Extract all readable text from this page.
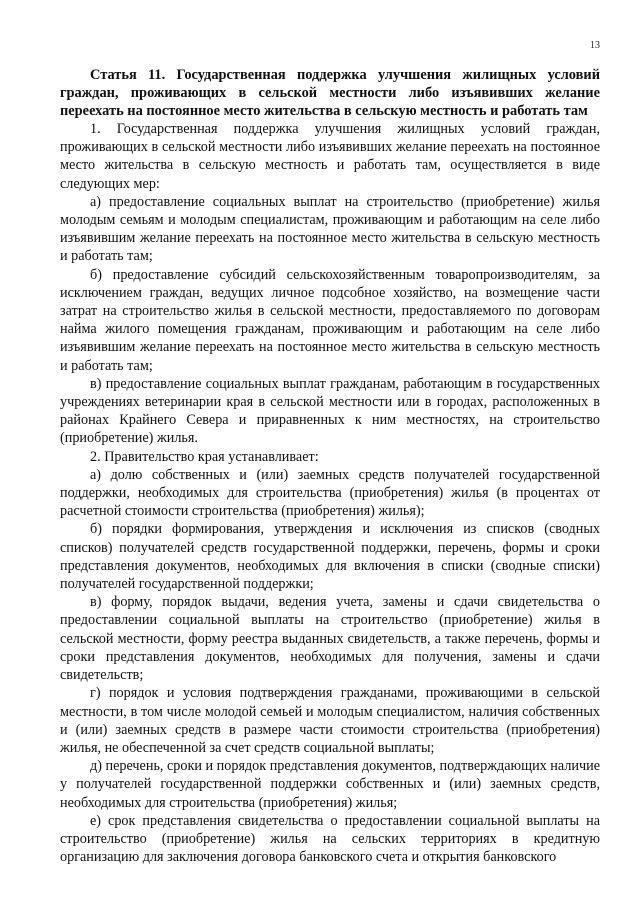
13

Статья 11. Государственная поддержка улучшения жилищных условий граждан, проживающих в сельской местности либо изъявивших желание переехать на постоянное место жительства в сельскую местность и работать там

1. Государственная поддержка улучшения жилищных условий граждан, проживающих в сельской местности либо изъявивших желание переехать на постоянное место жительства в сельскую местность и работать там, осуществляется в виде следующих мер:

а) предоставление социальных выплат на строительство (приобретение) жилья молодым семьям и молодым специалистам, проживающим и работающим на селе либо изъявившим желание переехать на постоянное место жительства в сельскую местность и работать там;

б) предоставление субсидий сельскохозяйственным товаропроизводителям, за исключением граждан, ведущих личное подсобное хозяйство, на возмещение части затрат на строительство жилья в сельской местности, предоставляемого по договорам найма жилого помещения гражданам, проживающим и работающим на селе либо изъявившим желание переехать на постоянное место жительства в сельскую местность и работать там;

в) предоставление социальных выплат гражданам, работающим в государственных учреждениях ветеринарии края в сельской местности или в городах, расположенных в районах Крайнего Севера и приравненных к ним местностях, на строительство (приобретение) жилья.

2. Правительство края устанавливает:

а) долю собственных и (или) заемных средств получателей государственной поддержки, необходимых для строительства (приобретения) жилья (в процентах от расчетной стоимости строительства (приобретения) жилья);

б) порядки формирования, утверждения и исключения из списков (сводных списков) получателей средств государственной поддержки, перечень, формы и сроки представления документов, необходимых для включения в списки (сводные списки) получателей государственной поддержки;

в) форму, порядок выдачи, ведения учета, замены и сдачи свидетельства о предоставлении социальной выплаты на строительство (приобретение) жилья в сельской местности, форму реестра выданных свидетельств, а также перечень, формы и сроки представления документов, необходимых для получения, замены и сдачи свидетельств;

г) порядок и условия подтверждения гражданами, проживающими в сельской местности, в том числе молодой семьей и молодым специалистом, наличия собственных и (или) заемных средств в размере части стоимости строительства (приобретения) жилья, не обеспеченной за счет средств социальной выплаты;

д) перечень, сроки и порядок представления документов, подтверждающих наличие у получателей государственной поддержки собственных и (или) заемных средств, необходимых для строительства (приобретения) жилья;

е) срок представления свидетельства о предоставлении социальной выплаты на строительство (приобретение) жилья на сельских территориях в кредитную организацию для заключения договора банковского счета и открытия банковского
